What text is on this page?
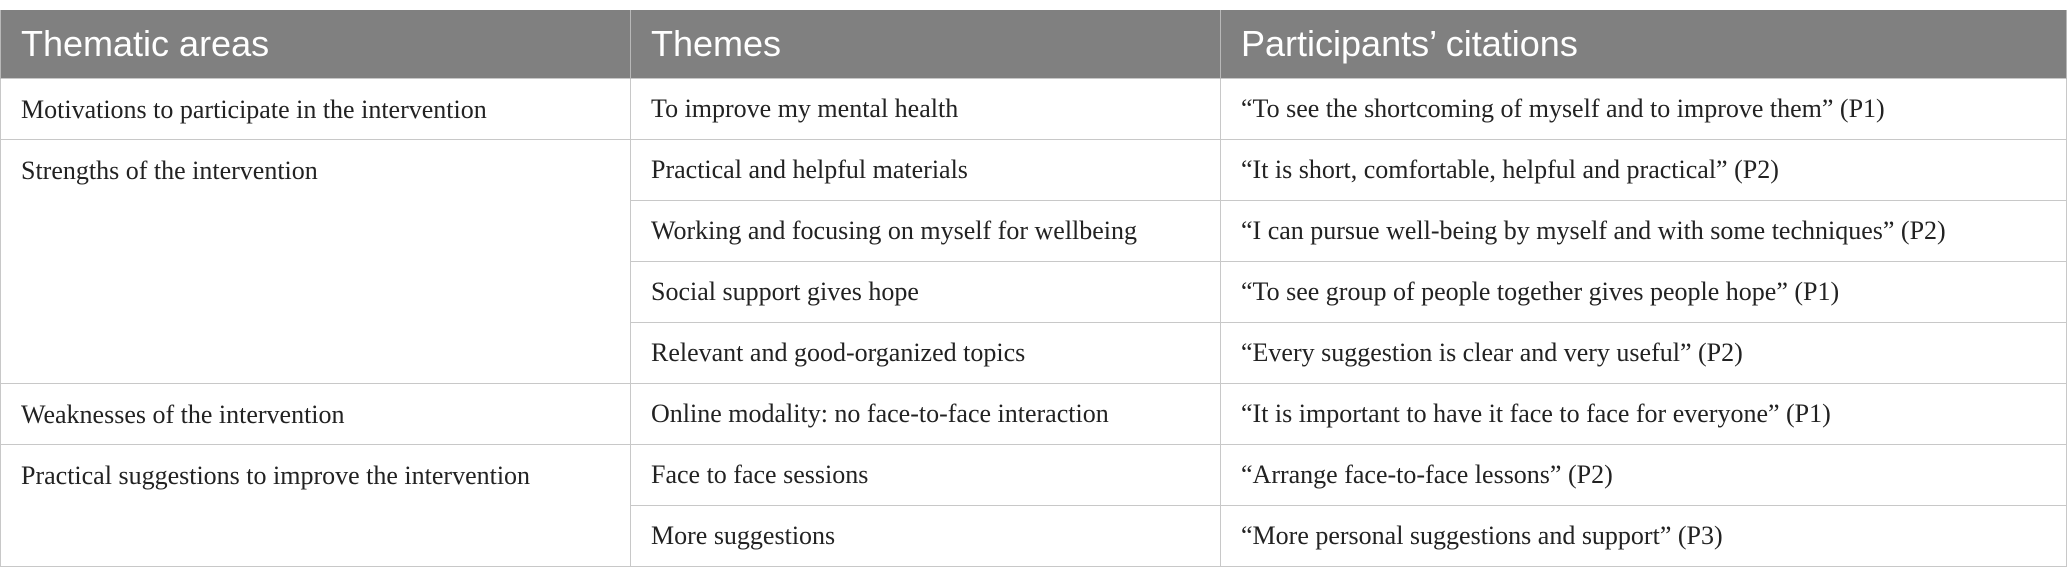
Thematic areas	Themes	Participants’ citations
Motivations to participate in the intervention	To improve my mental health	“To see the shortcoming of myself and to improve them” (P1)
Strengths of the intervention	Practical and helpful materials	“It is short, comfortable, helpful and practical” (P2)
	Working and focusing on myself for wellbeing	“I can pursue well-being by myself and with some techniques” (P2)
	Social support gives hope	“To see group of people together gives people hope” (P1)
	Relevant and good-organized topics	“Every suggestion is clear and very useful” (P2)
Weaknesses of the intervention	Online modality: no face-to-face interaction	“It is important to have it face to face for everyone” (P1)
Practical suggestions to improve the intervention	Face to face sessions	“Arrange face-to-face lessons” (P2)
	More suggestions	“More personal suggestions and support” (P3)
